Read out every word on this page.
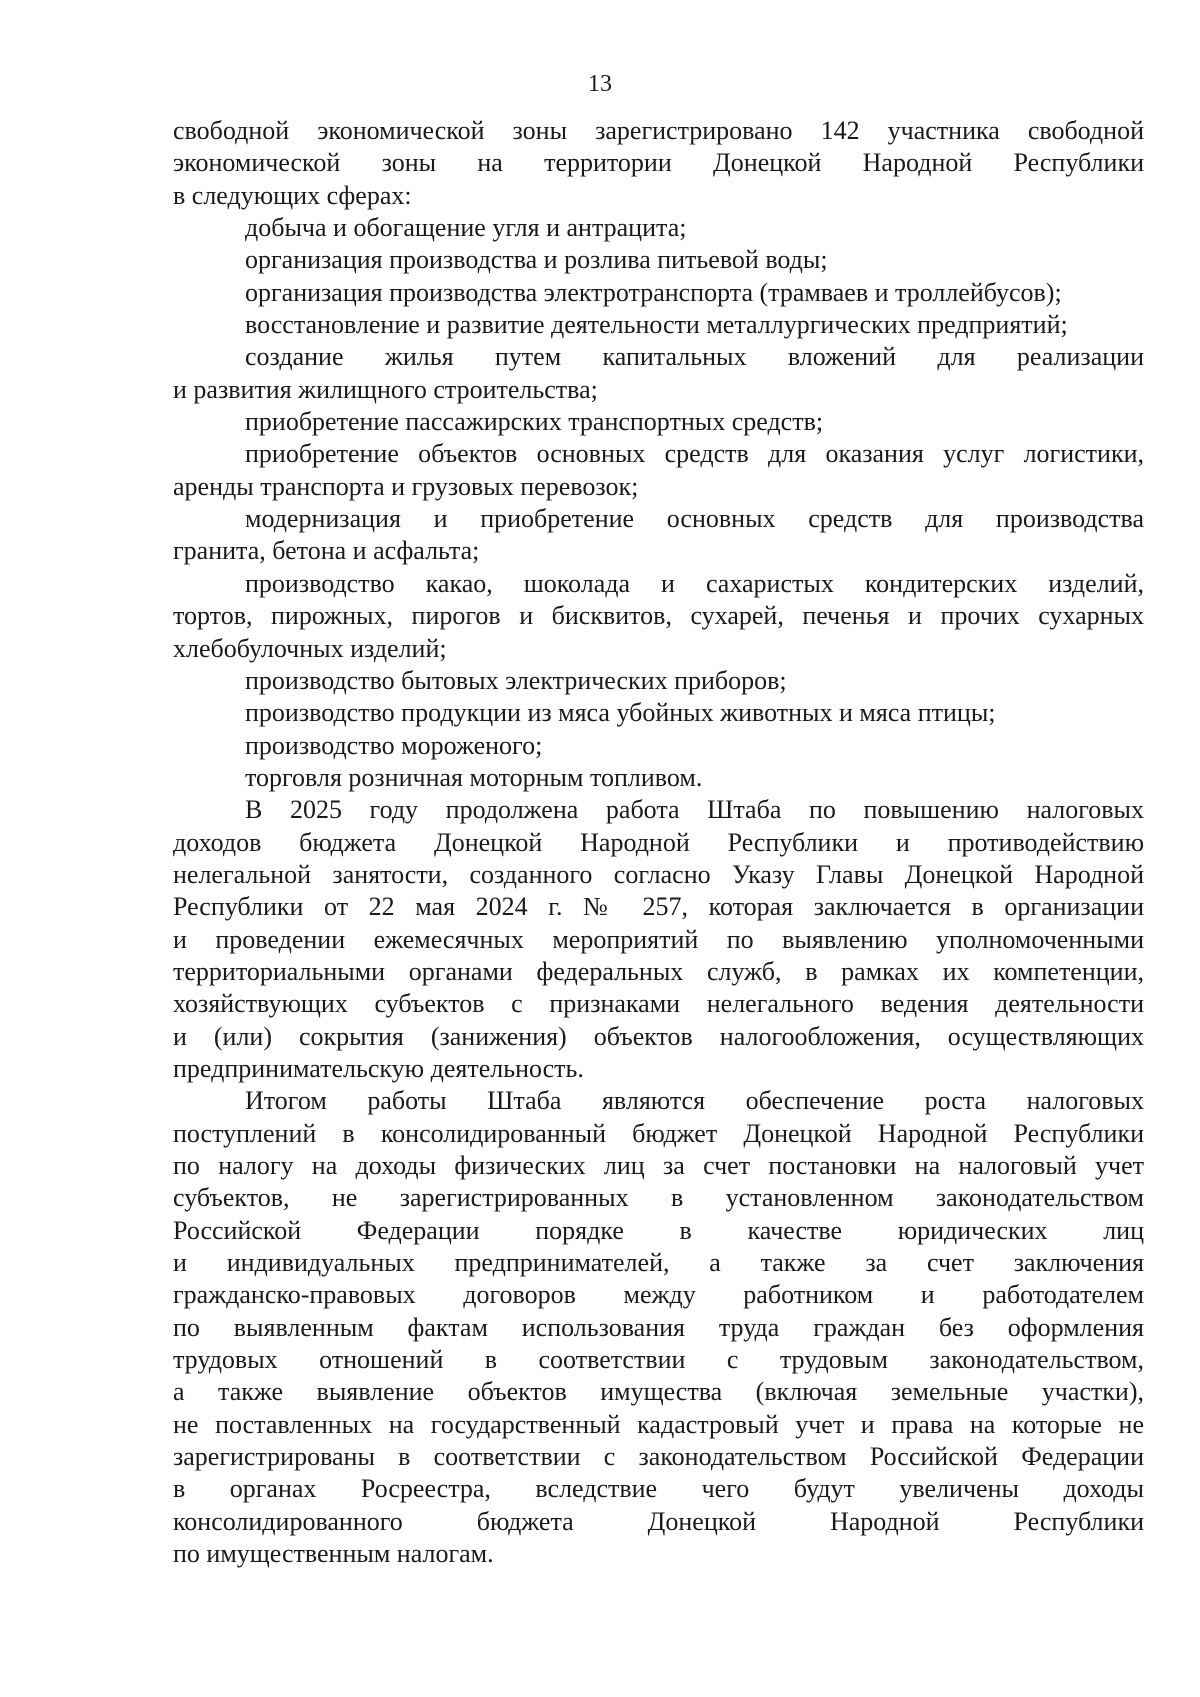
13
свободной экономической зоны зарегистрировано 142 участника свободной
экономической зоны на территории Донецкой Народной Республики
в следующих сферах:
добыча и обогащение угля и антрацита;
организация производства и розлива питьевой воды;
организация производства электротранспорта (трамваев и троллейбусов);
восстановление и развитие деятельности металлургических предприятий;
создание жилья путем капитальных вложений для реализации
и развития жилищного строительства;
приобретение пассажирских транспортных средств;
приобретение объектов основных средств для оказания услуг логистики,
аренды транспорта и грузовых перевозок;
модернизация и приобретение основных средств для производства
гранита, бетона и асфальта;
производство какао, шоколада и сахаристых кондитерских изделий,
тортов, пирожных, пирогов и бисквитов, сухарей, печенья и прочих сухарных
хлебобулочных изделий;
производство бытовых электрических приборов;
производство продукции из мяса убойных животных и мяса птицы;
производство мороженого;
торговля розничная моторным топливом.
В 2025 году продолжена работа Штаба по повышению налоговых
доходов бюджета Донецкой Народной Республики и противодействию
нелегальной занятости, созданного согласно Указу Главы Донецкой Народной
Республики от 22 мая 2024 г. № 257, которая заключается в организации
и проведении ежемесячных мероприятий по выявлению уполномоченными
территориальными органами федеральных служб, в рамках их компетенции,
хозяйствующих субъектов с признаками нелегального ведения деятельности
и (или) сокрытия (занижения) объектов налогообложения, осуществляющих
предпринимательскую деятельность.
Итогом работы Штаба являются обеспечение роста налоговых
поступлений в консолидированный бюджет Донецкой Народной Республики
по налогу на доходы физических лиц за счет постановки на налоговый учет
субъектов, не зарегистрированных в установленном законодательством
Российской Федерации порядке в качестве юридических лиц
и индивидуальных предпринимателей, а также за счет заключения
гражданско-правовых договоров между работником и работодателем
по выявленным фактам использования труда граждан без оформления
трудовых отношений в соответствии с трудовым законодательством,
а также выявление объектов имущества (включая земельные участки),
не поставленных на государственный кадастровый учет и права на которые не
зарегистрированы в соответствии с законодательством Российской Федерации
в органах Росреестра, вследствие чего будут увеличены доходы
консолидированного бюджета Донецкой Народной Республики
по имущественным налогам.
